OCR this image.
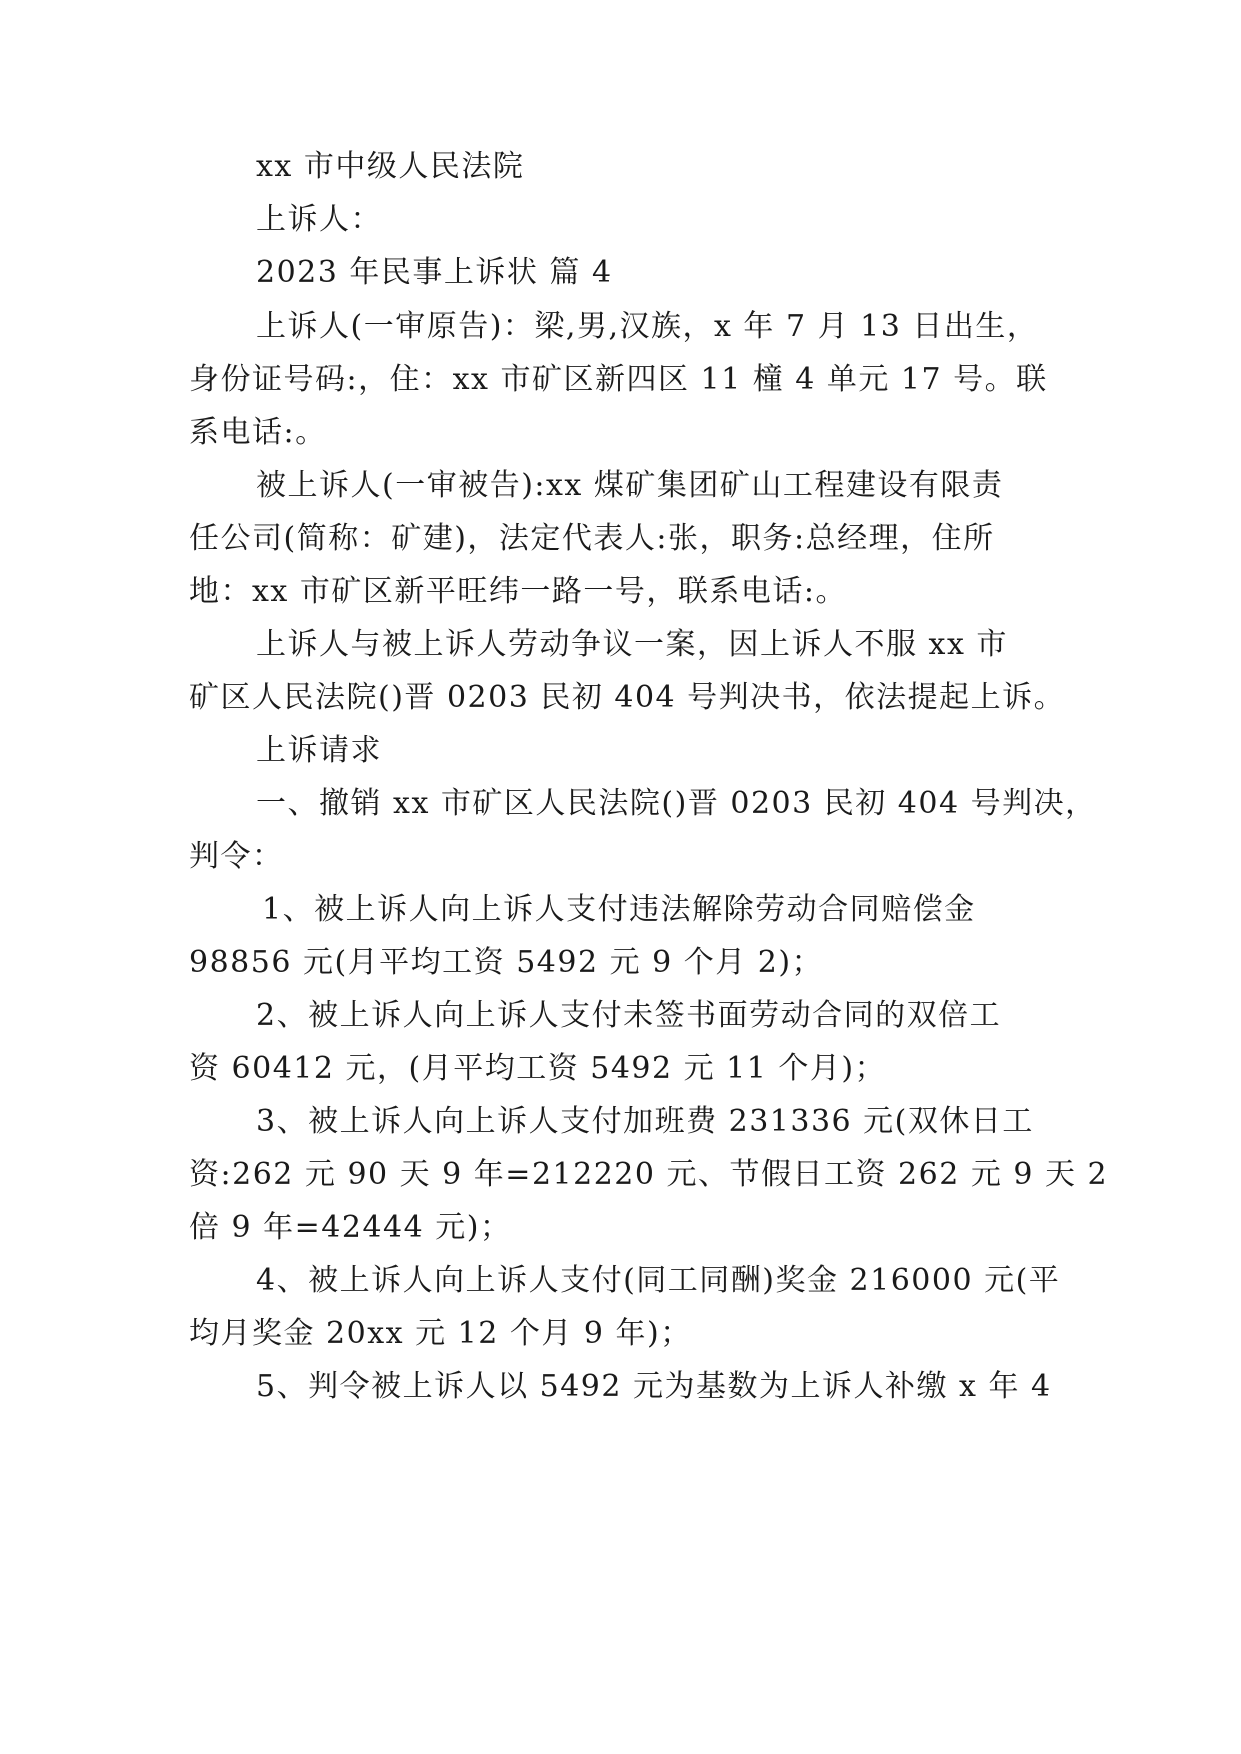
xx 市中级人民法院
上诉人：
2023 年民事上诉状 篇 4
上诉人(一审原告)：梁,男,汉族，x 年 7 月 13 日出生，
身份证号码:，住：xx 市矿区新四区 11 橦 4 单元 17 号。联
系电话:。
被上诉人(一审被告):xx 煤矿集团矿山工程建设有限责
任公司(简称：矿建)，法定代表人:张，职务:总经理，住所
地：xx 市矿区新平旺纬一路一号，联系电话:。
上诉人与被上诉人劳动争议一案，因上诉人不服 xx 市
矿区人民法院()晋 0203 民初 404 号判决书，依法提起上诉。
上诉请求
一、撤销 xx 市矿区人民法院()晋 0203 民初 404 号判决，
判令：
1、被上诉人向上诉人支付违法解除劳动合同赔偿金
98856 元(月平均工资 5492 元 9 个月 2)；
2、被上诉人向上诉人支付未签书面劳动合同的双倍工
资 60412 元，(月平均工资 5492 元 11 个月)；
3、被上诉人向上诉人支付加班费 231336 元(双休日工
资:262 元 90 天 9 年=212220 元、节假日工资 262 元 9 天 2
倍 9 年=42444 元)；
4、被上诉人向上诉人支付(同工同酬)奖金 216000 元(平
均月奖金 20xx 元 12 个月 9 年)；
5、判令被上诉人以 5492 元为基数为上诉人补缴 x 年 4
